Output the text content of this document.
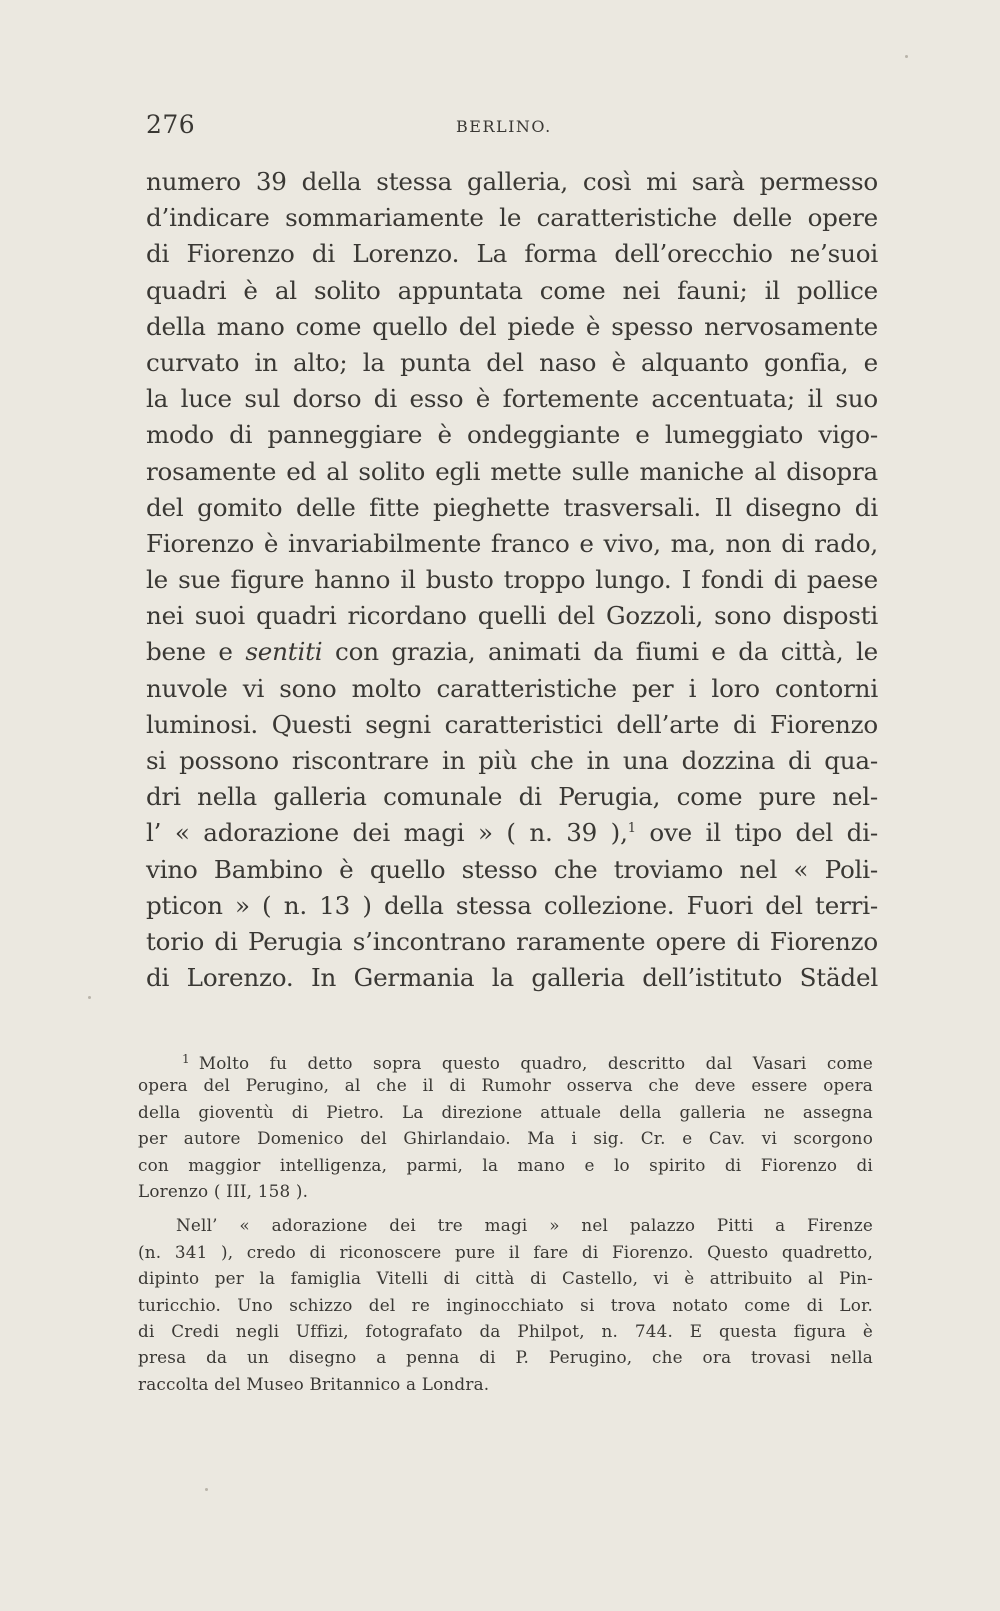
276	BERLINO.
numero 39 della stessa galleria, così mi sarà permesso
d’indicare sommariamente le caratteristiche delle opere
di Fiorenzo di Lorenzo. La forma dell’orecchio ne’suoi
quadri è al solito appuntata come nei fauni; il pollice
della mano come quello del piede è spesso nervosamente
curvato in alto; la punta del naso è alquanto gonfia, e
la luce sul dorso di esso è fortemente accentuata; il suo
modo di panneggiare è ondeggiante e lumeggiato vigo-
rosamente ed al solito egli mette sulle maniche al disopra
del gomito delle fitte pieghette trasversali. Il disegno di
Fiorenzo è invariabilmente franco e vivo, ma, non di rado,
le sue figure hanno il busto troppo lungo. I fondi di paese
nei suoi quadri ricordano quelli del Gozzoli, sono disposti
bene e sentiti con grazia, animati da fiumi e da città, le
nuvole vi sono molto caratteristiche per i loro contorni
luminosi. Questi segni caratteristici dell’arte di Fiorenzo
si possono riscontrare in più che in una dozzina di qua-
dri nella galleria comunale di Perugia, come pure nel-
l’ « adorazione dei magi » ( n. 39 ),$^1$ ove il tipo del di-
vino Bambino è quello stesso che troviamo nel « Poli-
pticon » ( n. 13 ) della stessa collezione. Fuori del terri-
torio di Perugia s’incontrano raramente opere di Fiorenzo
di Lorenzo. In Germania la galleria dell’istituto Städel
$^1$ Molto fu detto sopra questo quadro, descritto dal Vasari come
opera del Perugino, al che il di Rumohr osserva che deve essere opera
della gioventù di Pietro. La direzione attuale della galleria ne assegna
per autore Domenico del Ghirlandaio. Ma i sig. Cr. e Cav. vi scorgono
con maggior intelligenza, parmi, la mano e lo spirito di Fiorenzo di
Lorenzo ( III, 158 ).
Nell’ « adorazione dei tre magi » nel palazzo Pitti a Firenze
(n. 341 ), credo di riconoscere pure il fare di Fiorenzo. Questo quadretto,
dipinto per la famiglia Vitelli di città di Castello, vi è attribuito al Pin-
turicchio. Uno schizzo del re inginocchiato si trova notato come di Lor.
di Credi negli Uffizi, fotografato da Philpot, n. 744. E questa figura è
presa da un disegno a penna di P. Perugino, che ora trovasi nella
raccolta del Museo Britannico a Londra.
